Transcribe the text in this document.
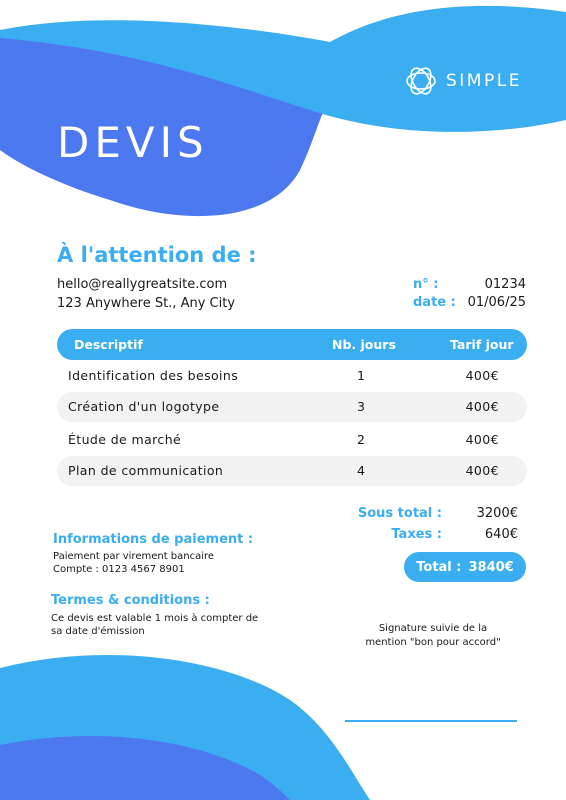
SIMPLE
DEVIS
À l'attention de :
hello@reallygreatsite.com
123 Anywhere St., Any City
n° :	01234
date : 01/06/25
Descriptif	Nb. jours	Tarif jour
Identification des besoins	1	400€
Création d'un logotype	3	400€
Étude de marché	2	400€
Plan de communication	4	400€
Sous total :	3200€
Taxes :	640€
Total : 3840€
Informations de paiement :
Paiement par virement bancaire
Compte : 0123 4567 8901
Termes & conditions :
Ce devis est valable 1 mois à compter de
sa date d'émission	Signature suivie de la
mention "bon pour accord"
